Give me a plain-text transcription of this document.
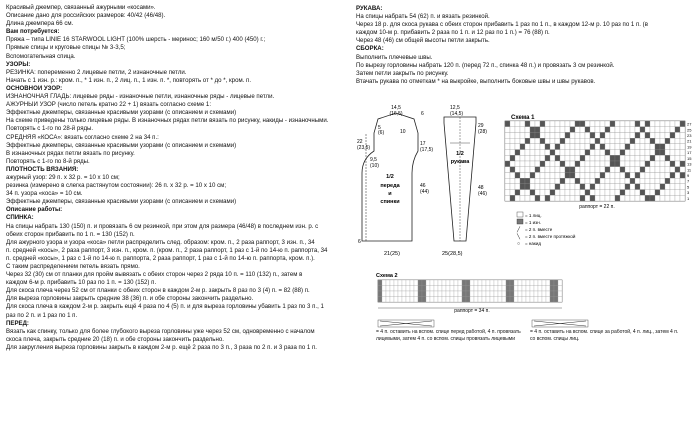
Красивый джемпер, связанный ажурными «косами».
Описание дано для российских размеров: 40/42 (46/48).
Длина джемпера 66 см.
Вам потребуется:
Пряжа – типа LINIE 16 STARWOOL LIGHT (100% шерсть - меринос; 160 м/50 г.) 400 (450) г.;
Прямые спицы и круговые спицы № 3-3,5;
Вспомогательная спица.
УЗОРЫ:
РЕЗИНКА: попеременно 2 лицевые петли, 2 изнаночные петли.
Начать с 1 изн. р.: кром. п., * 1 изн. п., 2 лиц. п., 1 изн. п. *, повторять от * до *, кром. п.
ОСНОВНОЙ УЗОР:
ИЗНАНОЧНАЯ ГЛАДЬ: лицевые ряды - изнаночные петли, изнаночные ряды - лицевые петли.
АЖУРНЫЙ УЗОР (число петель кратно 22 + 1) вязать согласно схеме 1:
Эффектные джемперы, связанные красивыми узорами (с описанием и схемами)
На схеме приведены только лицевые ряды. В изнаночных рядах петли вязать по рисунку, накиды - изнаночными.
Повторять с 1-го по 28-й ряды.
СРЕДНЯЯ «КОСА»: вязать согласно схеме 2 на 34 п.:
Эффектные джемперы, связанные красивыми узорами (с описанием и схемами)
В изнаночных рядах петли вязать по рисунку.
Повторять с 1-го по 8-й ряды.
ПЛОТНОСТЬ ВЯЗАНИЯ:
ажурный узор: 29 п. х 32 р. = 10 х 10 см;
резинка (измерено в слегка растянутом состоянии): 26 п. х 32 р. = 10 х 10 см;
34 п. узора «коса» = 10 см.
Эффектные джемперы, связанные красивыми узорами (с описанием и схемами)
Описание работы:
СПИНКА:
На спицы набрать 130 (150) п. и провязать 6 см резинкой, при этом для размера (46/48) в последнем изн. р. с
обеих сторон прибавить по 1 п. = 130 (152) п.
Для ажурного узора и узора «коса» петли распределить след. образом: кром. п., 2 раза раппорт, 3 изн. п., 34
п. средней «косы», 2 раза раппорт, 3 изн. п., кром. п. (кром. п., 2 раза раппорт, 1 раз с 1-й по 14-ю п. раппорта, 34
п. средней «косы», 1 раз с 1-й по 14-ю п. раппорта, 2 раза раппорт, 1 раз с 1-й по 14-ю п. раппорта, кром. п.).
С таким распределением петель вязать прямо.
Через 32 (30) см от планки для пройм вывязать с обеих сторон через 2 ряда 10 п. = 110 (132) п., затем в
каждом 6-м р. прибавить 10 раз по 1 п. = 130 (152) п.
Для скоса плеча через 52 см от планки с обеих сторон в каждом 2-м р. закрыть 8 раз по 3 (4) п. = 82 (88) п.
Для выреза горловины закрыть средние 38 (36) п. и обе стороны закончить раздельно.
Для скоса плеча в каждом 2-м р. закрыть ещё 4 раза по 4 (5) п. и для выреза горловины убавить 1 раз по 3 п., 1
раз по 2 п. и 1 раз по 1 п.
ПЕРЕД:
Вязать как спинку, только для более глубокого выреза горловины уже через 52 см, одновременно с началом
скоса плеча, закрыть средние 20 (18) п. и обе стороны закончить раздельно.
Для закругления выреза горловины закрыть в каждом 2-м р. ещё 2 раза по 3 п., 3 раза по 2 п. и 3 раза по 1 п.
РУКАВА:
На спицы набрать 54 (62) п. и вязать резинкой.
Через 18 р. для скоса рукава с обеих сторон прибавить 1 раз по 1 п., в каждом 12-м р. 10 раз по 1 п. (в
каждом 10-м р. прибавить 2 раза по 1 п. и 12 раз по 1 п.) = 76 (88) п.
Через 48 (46) см общей высоты петли закрыть.
СБОРКА:
Выполнить плечевые швы.
По вырезу горловины набрать 120 п. (перед 72 п., спинка 48 п.) и провязать 3 см резинкой.
Затем петли закрыть по рисунку.
Втачать рукава по отметкам * на выкройке, выполнить боковые швы и швы рукавов.
14,5
(16,5)	6
5
(6)	10
22
(23,5)
17
(17,5)
12,5
(14,5)
29
(28)
9,5
(10)
46
(44)
48
(46)
21(25)
6
25(28,5)
1/2
переда
и
спинки
1/2
рукава
Схема 1
27
25
23
21
19
17
15
13
11
9
7
5
3
1
раппорт = 22 п.
= 1 лиц.
= 1 изн.
╱ = 2 п. вместе
╲ = 2 п. вместе протяжкой
○ = накид
Схема 2
раппорт = 34 п.
= 4 п. оставить на вспом. спице перед работой, 4 п. провязать лицевыми, затем 4 п. со вспом. спицы провязать лицевыми
= 4 п. оставить на вспом. спице за работой, 4 п. лиц., затем 4 п. со вспом. спицы лиц.
